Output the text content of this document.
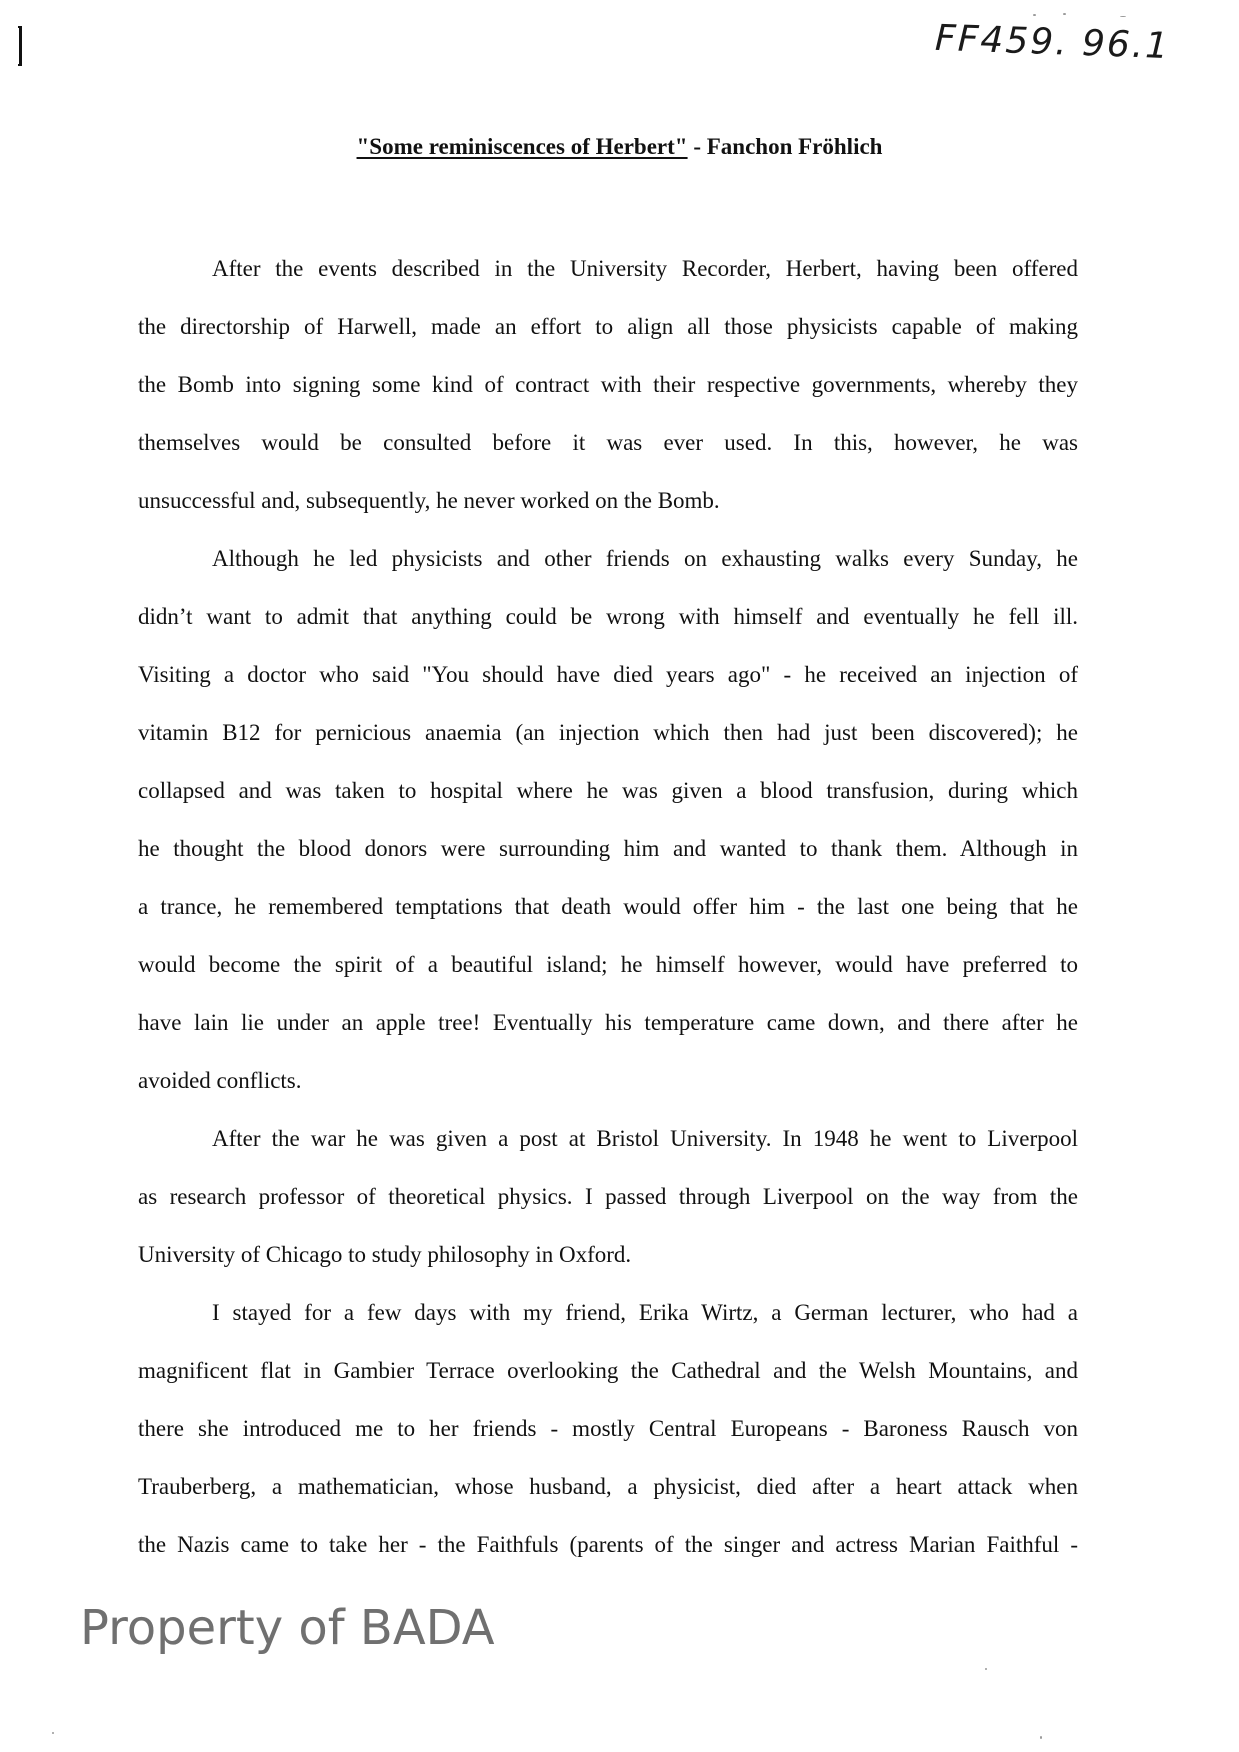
FF459. 96.1
"Some reminiscences of Herbert" - Fanchon Fröhlich
After the events described in the University Recorder, Herbert, having been offered
the directorship of Harwell, made an effort to align all those physicists capable of making
the Bomb into signing some kind of contract with their respective governments, whereby they
themselves would be consulted before it was ever used. In this, however, he was
unsuccessful and, subsequently, he never worked on the Bomb.
Although he led physicists and other friends on exhausting walks every Sunday, he
didn’t want to admit that anything could be wrong with himself and eventually he fell ill.
Visiting a doctor who said "You should have died years ago" - he received an injection of
vitamin B12 for pernicious anaemia (an injection which then had just been discovered); he
collapsed and was taken to hospital where he was given a blood transfusion, during which
he thought the blood donors were surrounding him and wanted to thank them. Although in
a trance, he remembered temptations that death would offer him - the last one being that he
would become the spirit of a beautiful island; he himself however, would have preferred to
have lain lie under an apple tree! Eventually his temperature came down, and there after he
avoided conflicts.
After the war he was given a post at Bristol University. In 1948 he went to Liverpool
as research professor of theoretical physics. I passed through Liverpool on the way from the
University of Chicago to study philosophy in Oxford.
I stayed for a few days with my friend, Erika Wirtz, a German lecturer, who had a
magnificent flat in Gambier Terrace overlooking the Cathedral and the Welsh Mountains, and
there she introduced me to her friends - mostly Central Europeans - Baroness Rausch von
Trauberberg, a mathematician, whose husband, a physicist, died after a heart attack when
the Nazis came to take her - the Faithfuls (parents of the singer and actress Marian Faithful -
Property of BADA
